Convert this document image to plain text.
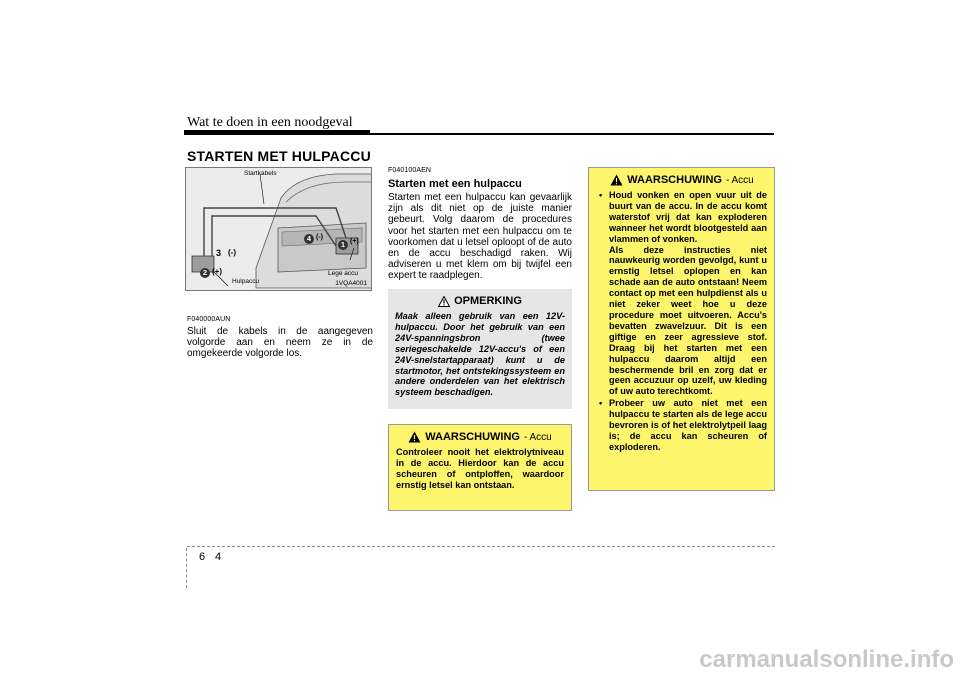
Wat te doen in een noodgeval
STARTEN MET HULPACCU
Startkabels
Hulpaccu
Lege accu
1
2
3
4
(-)
(+)
(-)
(+)
1VQA4001
F040000AUN
Sluit de kabels in de aangegeven volgorde aan en neem ze in de omgekeerde volgorde los.
F040100AEN
Starten met een hulpaccu
Starten met een hulpaccu kan gevaarlijk zijn als dit niet op de juiste manier gebeurt. Volg daarom de procedures voor het starten met een hulpaccu om te voorkomen dat u letsel oploopt of de auto en de accu beschadigd raken. Wij adviseren u met klem om bij twijfel een expert te raadplegen.
OPMERKING
Maak alleen gebruik van een 12V-hulpaccu. Door het gebruik van een 24V-spanningsbron (twee seriegeschakelde 12V-accu's of een 24V-snelstartapparaat) kunt u de startmotor, het ontstekingssysteem en andere onderdelen van het elektrisch systeem beschadigen.
WAARSCHUWING - Accu
Controleer nooit het elektrolytniveau in de accu. Hierdoor kan de accu scheuren of ontploffen, waardoor ernstig letsel kan ontstaan.
WAARSCHUWING - Accu
• Houd vonken en open vuur uit de buurt van de accu. In de accu komt waterstof vrij dat kan exploderen wanneer het wordt blootgesteld aan vlammen of vonken.
Als deze instructies niet nauwkeurig worden gevolgd, kunt u ernstig letsel oplopen en kan schade aan de auto ontstaan! Neem contact op met een hulpdienst als u niet zeker weet hoe u deze procedure moet uitvoeren. Accu's bevatten zwavelzuur. Dit is een giftige en zeer agressieve stof. Draag bij het starten met een hulpaccu daarom altijd een beschermende bril en zorg dat er geen accuzuur op uzelf, uw kleding of uw auto terechtkomt.
• Probeer uw auto niet met een hulpaccu te starten als de lege accu bevroren is of het elektrolytpeil laag is; de accu kan scheuren of exploderen.
6 4
carmanualsonline.info
